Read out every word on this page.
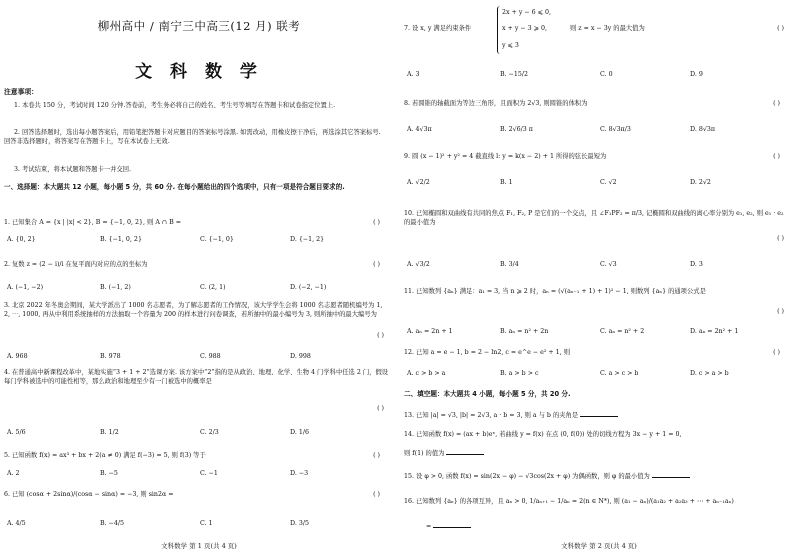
柳州高中 / 南宁三中高三(12 月) 联考
文 科 数 学
注意事项：
1. 本卷共 150 分，考试时间 120 分钟.答卷前，考生务必将自己的姓名、考生号等填写在答题卡和试卷指定位置上.
2. 回答选择题时，选出每小题答案后，用铅笔把答题卡对应题目的答案标号涂黑. 如需改动，用橡皮擦干净后，再选涂其它答案标号. 回答非选择题时，将答案写在答题卡上，写在本试卷上无效.
3. 考试结束，将本试题和答题卡一并交回.
一、选择题：本大题共 12 小题，每小题 5 分，共 60 分. 在每小题给出的四个选项中，只有一项是符合题目要求的.
1. 已知集合 A = {x | |x| < 2}, B = {−1, 0, 2}, 则 A ∩ B =	( )
A. {0, 2}	B. {−1, 0, 2}	C. {−1, 0}	D. {−1, 2}
2. 复数 z = (2 − i)/i 在复平面内对应的点的坐标为	( )
A. (−1, −2)	B. (−1, 2)	C. (2, 1)	D. (−2, −1)
3. 北京 2022 年冬奥会期间，某大学派出了 1000 名志愿者，为了解志愿者的工作情况，该大学学生会将 1000 名志愿者随机编号为 1, 2, ⋯, 1000, 再从中利用系统抽样的方法抽取一个容量为 200 的样本进行问卷调查，若所抽中的最小编号为 3, 则所抽中的最大编号为
( )
A. 968	B. 978	C. 988	D. 998
4. 在普通高中新课程改革中，某地实施“3 + 1 + 2”选课方案. 该方案中“2”指的是从政治、地理、化学、生物 4 门学科中任选 2 门，假设每门学科被选中的可能性相等，那么政治和地理至少有一门被选中的概率是
( )
A. 5/6	B. 1/2	C. 2/3	D. 1/6
5. 已知函数 f(x) = ax³ + bx + 2(a ≠ 0) 满足 f(−3) = 5, 则 f(3) 等于	( )
A. 2	B. −5	C. −1	D. −3
6. 已知 (cosα + 2sinα)/(cosα − sinα) = −3, 则 sin2α =	( )
A. 4/5	B. −4/5	C. 1	D. 3/5
文科数学 第 1 页(共 4 页)
7. 设 x, y 满足约束条件
2x + y − 6 ⩽ 0,
x + y − 3 ⩾ 0,
y ⩽ 3
则 z = x − 3y 的最大值为	( )
A. 3	B. −15/2	C. 0	D. 9
8. 若圆锥的轴截面为等边三角形，且面积为 2√3, 则圆锥的体积为	( )
A. 4√3π	B. 2√6/3 π	C. 8√3π/3	D. 8√3π
9. 圆 (x − 1)² + y² = 4 截直线 l: y = k(x − 2) + 1 所得的弦长最短为	( )
A. √2/2	B. 1	C. √2	D. 2√2
10. 已知椭圆和双曲线有共同的焦点 F₁, F₂, P 是它们的一个交点，且 ∠F₁PF₂ = π/3, 记椭圆和双曲线的离心率分别为 e₁, e₂, 则 e₁ · e₂ 的最小值为
( )
A. √3/2	B. 3/4	C. √3	D. 3
11. 已知数列 {aₙ} 满足：a₁ = 3, 当 n ⩾ 2 时，aₙ = (√(aₙ₋₁ + 1) + 1)² − 1, 则数列 {aₙ} 的通项公式是
( )
A. aₙ = 2n + 1	B. aₙ = n² + 2n	C. aₙ = n² + 2	D. aₙ = 2n² + 1
12. 已知 a = e − 1, b = 2 − ln2, c = e^e − e² + 1, 则	( )
A. c > b > a	B. a > b > c	C. a > c > b	D. c > a > b
二、填空题：本大题共 4 小题，每小题 5 分，共 20 分.
13. 已知 |a| = √3, |b| = 2√3, a · b = 3, 则 a 与 b 的夹角是
14. 已知函数 f(x) = (ax + b)eˣ, 若曲线 y = f(x) 在点 (0, f(0)) 处的切线方程为 3x − y + 1 = 0,
则 f(1) 的值为
15. 设 φ > 0, 函数 f(x) = sin(2x − φ) − √3cos(2x + φ) 为偶函数，则 φ 的最小值为
16. 已知数列 {aₙ} 的各项互异，且 aₙ > 0, 1/aₙ₊₁ − 1/aₙ = 2(n ∈ N*), 则 (a₁ − aₙ)/(a₁a₂ + a₂a₃ + ⋯ + aₙ₋₁aₙ)
=
文科数学 第 2 页(共 4 页)
